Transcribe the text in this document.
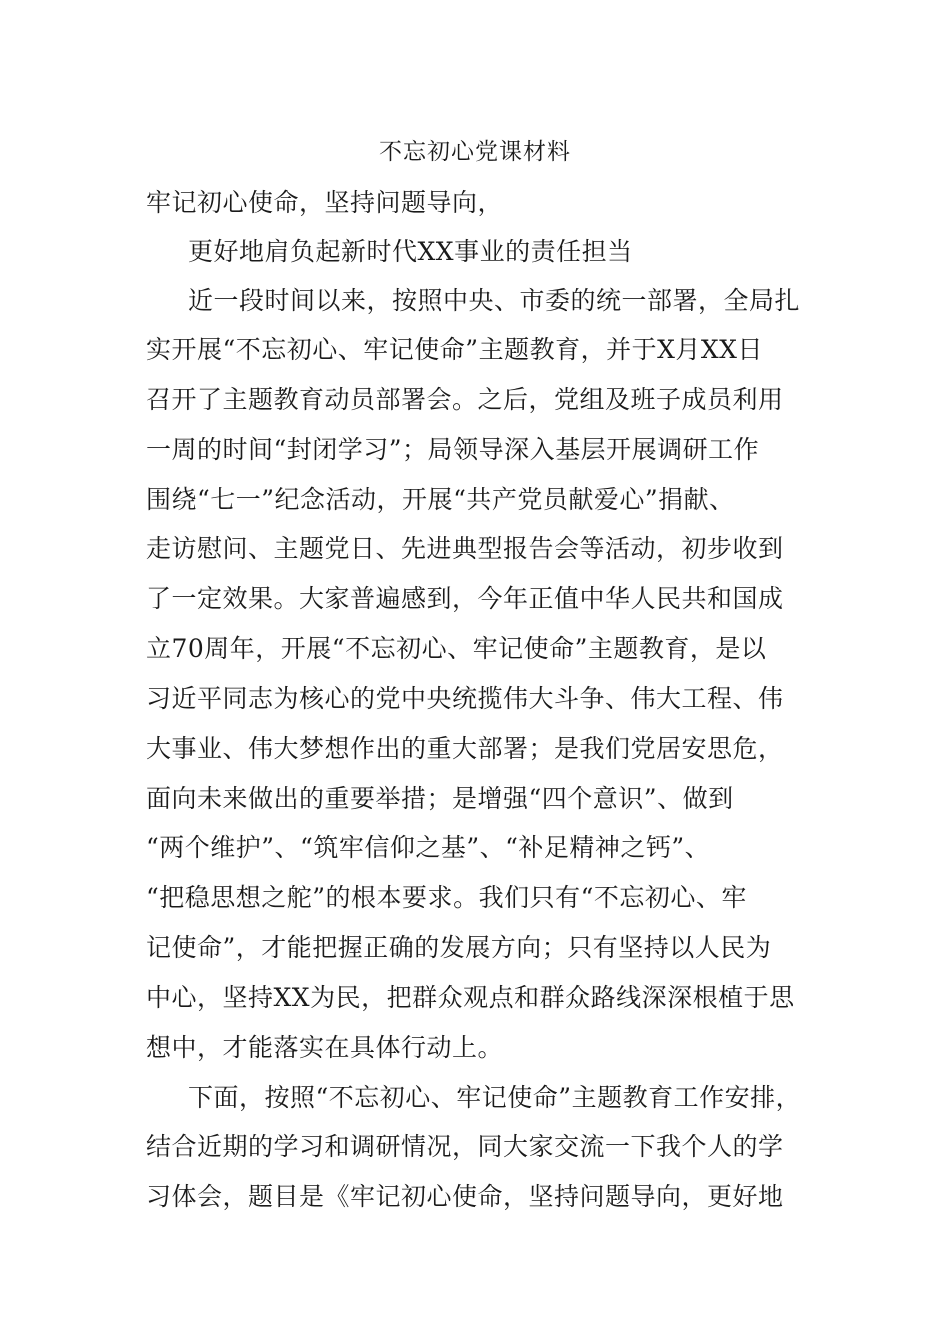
不忘初心党课材料
牢记初心使命，坚持问题导向，
更好地肩负起新时代XX事业的责任担当
近一段时间以来，按照中央、市委的统一部署，全局扎
实开展“不忘初心、牢记使命”主题教育，并于X月XX日
召开了主题教育动员部署会。之后，党组及班子成员利用
一周的时间“封闭学习”；局领导深入基层开展调研工作
围绕“七一”纪念活动，开展“共产党员献爱心”捐献、
走访慰问、主题党日、先进典型报告会等活动，初步收到
了一定效果。大家普遍感到，今年正值中华人民共和国成
立70周年，开展“不忘初心、牢记使命”主题教育，是以
习近平同志为核心的党中央统揽伟大斗争、伟大工程、伟
大事业、伟大梦想作出的重大部署；是我们党居安思危，
面向未来做出的重要举措；是增强“四个意识”、做到
“两个维护”、“筑牢信仰之基”、“补足精神之钙”、
“把稳思想之舵”的根本要求。我们只有“不忘初心、牢
记使命”，才能把握正确的发展方向；只有坚持以人民为
中心，坚持XX为民，把群众观点和群众路线深深根植于思
想中，才能落实在具体行动上。
下面，按照“不忘初心、牢记使命”主题教育工作安排，
结合近期的学习和调研情况，同大家交流一下我个人的学
习体会，题目是《牢记初心使命，坚持问题导向，更好地
